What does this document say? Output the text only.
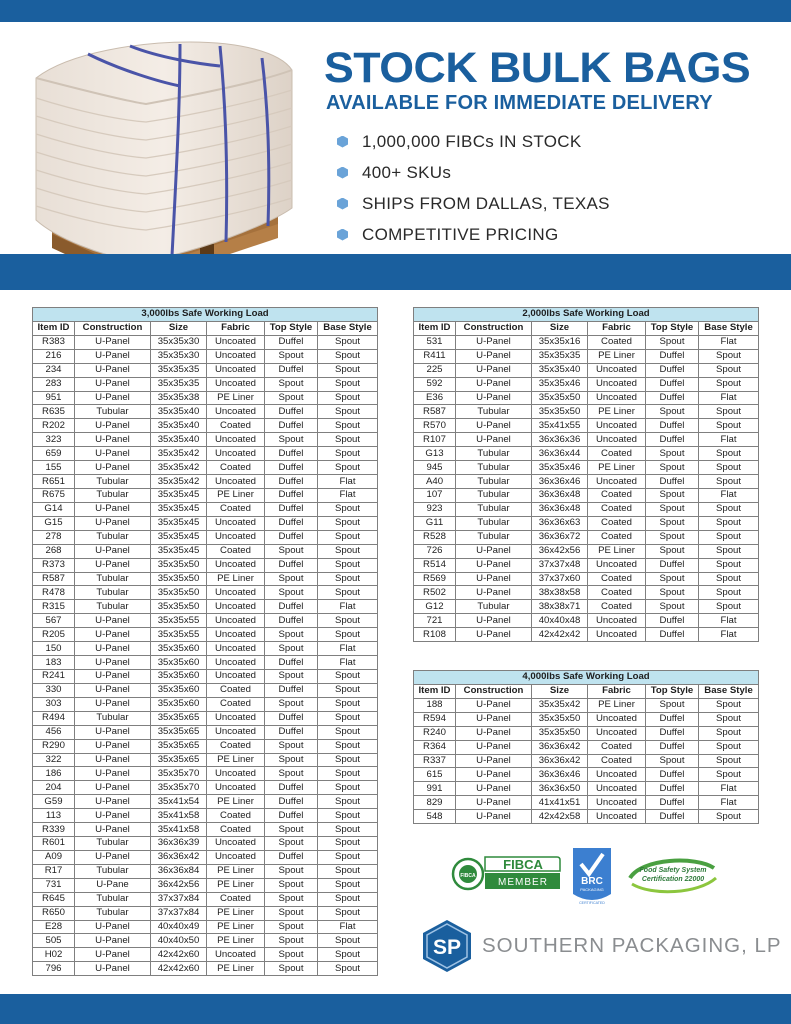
STOCK BULK BAGS
AVAILABLE FOR IMMEDIATE DELIVERY
1,000,000 FIBCs IN STOCK
400+ SKUs
SHIPS FROM DALLAS, TEXAS
COMPETITIVE PRICING
3,000lbs Safe Working Load					
Item ID	Construction	Size	Fabric	Top Style	Base Style
R383	U-Panel	35x35x30	Uncoated	Duffel	Spout
216	U-Panel	35x35x30	Uncoated	Spout	Spout
234	U-Panel	35x35x35	Uncoated	Duffel	Spout
283	U-Panel	35x35x35	Uncoated	Spout	Spout
951	U-Panel	35x35x38	PE Liner	Spout	Spout
R635	Tubular	35x35x40	Uncoated	Duffel	Spout
R202	U-Panel	35x35x40	Coated	Duffel	Spout
323	U-Panel	35x35x40	Uncoated	Spout	Spout
659	U-Panel	35x35x42	Uncoated	Duffel	Spout
155	U-Panel	35x35x42	Coated	Duffel	Spout
R651	Tubular	35x35x42	Uncoated	Duffel	Flat
R675	Tubular	35x35x45	PE Liner	Duffel	Flat
G14	U-Panel	35x35x45	Coated	Duffel	Spout
G15	U-Panel	35x35x45	Uncoated	Duffel	Spout
278	Tubular	35x35x45	Uncoated	Duffel	Spout
268	U-Panel	35x35x45	Coated	Spout	Spout
R373	U-Panel	35x35x50	Uncoated	Duffel	Spout
R587	Tubular	35x35x50	PE Liner	Spout	Spout
R478	Tubular	35x35x50	Uncoated	Spout	Spout
R315	Tubular	35x35x50	Uncoated	Duffel	Flat
567	U-Panel	35x35x55	Uncoated	Duffel	Spout
R205	U-Panel	35x35x55	Uncoated	Spout	Spout
150	U-Panel	35x35x60	Uncoated	Spout	Flat
183	U-Panel	35x35x60	Uncoated	Duffel	Flat
R241	U-Panel	35x35x60	Uncoated	Spout	Spout
330	U-Panel	35x35x60	Coated	Duffel	Spout
303	U-Panel	35x35x60	Coated	Spout	Spout
R494	Tubular	35x35x65	Uncoated	Duffel	Spout
456	U-Panel	35x35x65	Uncoated	Duffel	Spout
R290	U-Panel	35x35x65	Coated	Spout	Spout
322	U-Panel	35x35x65	PE Liner	Spout	Spout
186	U-Panel	35x35x70	Uncoated	Spout	Spout
204	U-Panel	35x35x70	Uncoated	Duffel	Spout
G59	U-Panel	35x41x54	PE Liner	Duffel	Spout
113	U-Panel	35x41x58	Coated	Duffel	Spout
R339	U-Panel	35x41x58	Coated	Spout	Spout
R601	Tubular	36x36x39	Uncoated	Spout	Spout
A09	U-Panel	36x36x42	Uncoated	Duffel	Spout
R17	Tubular	36x36x84	PE Liner	Spout	Spout
731	U-Pane	36x42x56	PE Liner	Spout	Spout
R645	Tubular	37x37x84	Coated	Spout	Spout
R650	Tubular	37x37x84	PE Liner	Spout	Spout
E28	U-Panel	40x40x49	PE Liner	Spout	Flat
505	U-Panel	40x40x50	PE Liner	Spout	Spout
H02	U-Panel	42x42x60	Uncoated	Spout	Spout
796	U-Panel	42x42x60	PE Liner	Spout	Spout
2,000lbs Safe Working Load					
Item ID	Construction	Size	Fabric	Top Style	Base Style
531	U-Panel	35x35x16	Coated	Spout	Flat
R411	U-Panel	35x35x35	PE Liner	Duffel	Spout
225	U-Panel	35x35x40	Uncoated	Duffel	Spout
592	U-Panel	35x35x46	Uncoated	Duffel	Spout
E36	U-Panel	35x35x50	Uncoated	Duffel	Flat
R587	Tubular	35x35x50	PE Liner	Spout	Spout
R570	U-Panel	35x41x55	Uncoated	Duffel	Spout
R107	U-Panel	36x36x36	Uncoated	Duffel	Flat
G13	Tubular	36x36x44	Coated	Spout	Spout
945	Tubular	35x35x46	PE Liner	Spout	Spout
A40	Tubular	36x36x46	Uncoated	Duffel	Spout
107	Tubular	36x36x48	Coated	Spout	Flat
923	Tubular	36x36x48	Coated	Spout	Spout
G11	Tubular	36x36x63	Coated	Spout	Spout
R528	Tubular	36x36x72	Coated	Spout	Spout
726	U-Panel	36x42x56	PE Liner	Spout	Spout
R514	U-Panel	37x37x48	Uncoated	Duffel	Spout
R569	U-Panel	37x37x60	Coated	Spout	Spout
R502	U-Panel	38x38x58	Coated	Spout	Spout
G12	Tubular	38x38x71	Coated	Spout	Spout
721	U-Panel	40x40x48	Uncoated	Duffel	Flat
R108	U-Panel	42x42x42	Uncoated	Duffel	Flat
4,000lbs Safe Working Load					
Item ID	Construction	Size	Fabric	Top Style	Base Style
188	U-Panel	35x35x42	PE Liner	Spout	Spout
R594	U-Panel	35x35x50	Uncoated	Duffel	Spout
R240	U-Panel	35x35x50	Uncoated	Duffel	Spout
R364	U-Panel	36x36x42	Coated	Duffel	Spout
R337	U-Panel	36x36x42	Coated	Spout	Spout
615	U-Panel	36x36x46	Uncoated	Duffel	Spout
991	U-Panel	36x36x50	Uncoated	Duffel	Flat
829	U-Panel	41x41x51	Uncoated	Duffel	Flat
548	U-Panel	42x42x58	Uncoated	Duffel	Spout
FIBCA
FIBCA
MEMBER	BRC
PACKAGING
CERTIFICATED
Food Safety System
Certification 22000
SP SOUTHERN PACKAGING, LP
